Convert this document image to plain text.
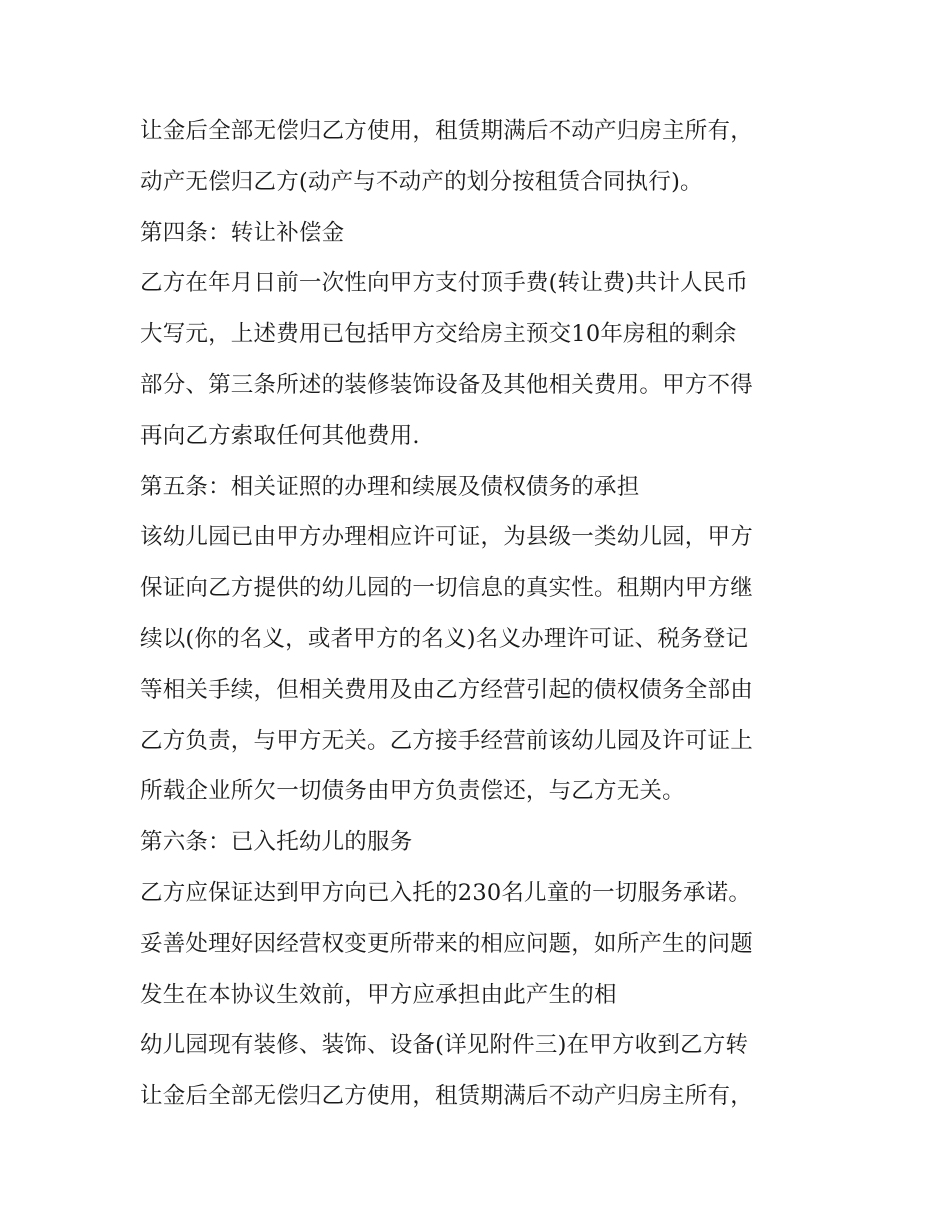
让金后全部无偿归乙方使用，租赁期满后不动产归房主所有，
动产无偿归乙方(动产与不动产的划分按租赁合同执行)。
第四条：转让补偿金
乙方在年月日前一次性向甲方支付顶手费(转让费)共计人民币
大写元，上述费用已包括甲方交给房主预交10年房租的剩余
部分、第三条所述的装修装饰设备及其他相关费用。甲方不得
再向乙方索取任何其他费用.
第五条：相关证照的办理和续展及债权债务的承担
该幼儿园已由甲方办理相应许可证，为县级一类幼儿园，甲方
保证向乙方提供的幼儿园的一切信息的真实性。租期内甲方继
续以(你的名义，或者甲方的名义)名义办理许可证、税务登记
等相关手续，但相关费用及由乙方经营引起的债权债务全部由
乙方负责，与甲方无关。乙方接手经营前该幼儿园及许可证上
所载企业所欠一切债务由甲方负责偿还，与乙方无关。
第六条：已入托幼儿的服务
乙方应保证达到甲方向已入托的230名儿童的一切服务承诺。
妥善处理好因经营权变更所带来的相应问题，如所产生的问题
发生在本协议生效前，甲方应承担由此产生的相
幼儿园现有装修、装饰、设备(详见附件三)在甲方收到乙方转
让金后全部无偿归乙方使用，租赁期满后不动产归房主所有，
